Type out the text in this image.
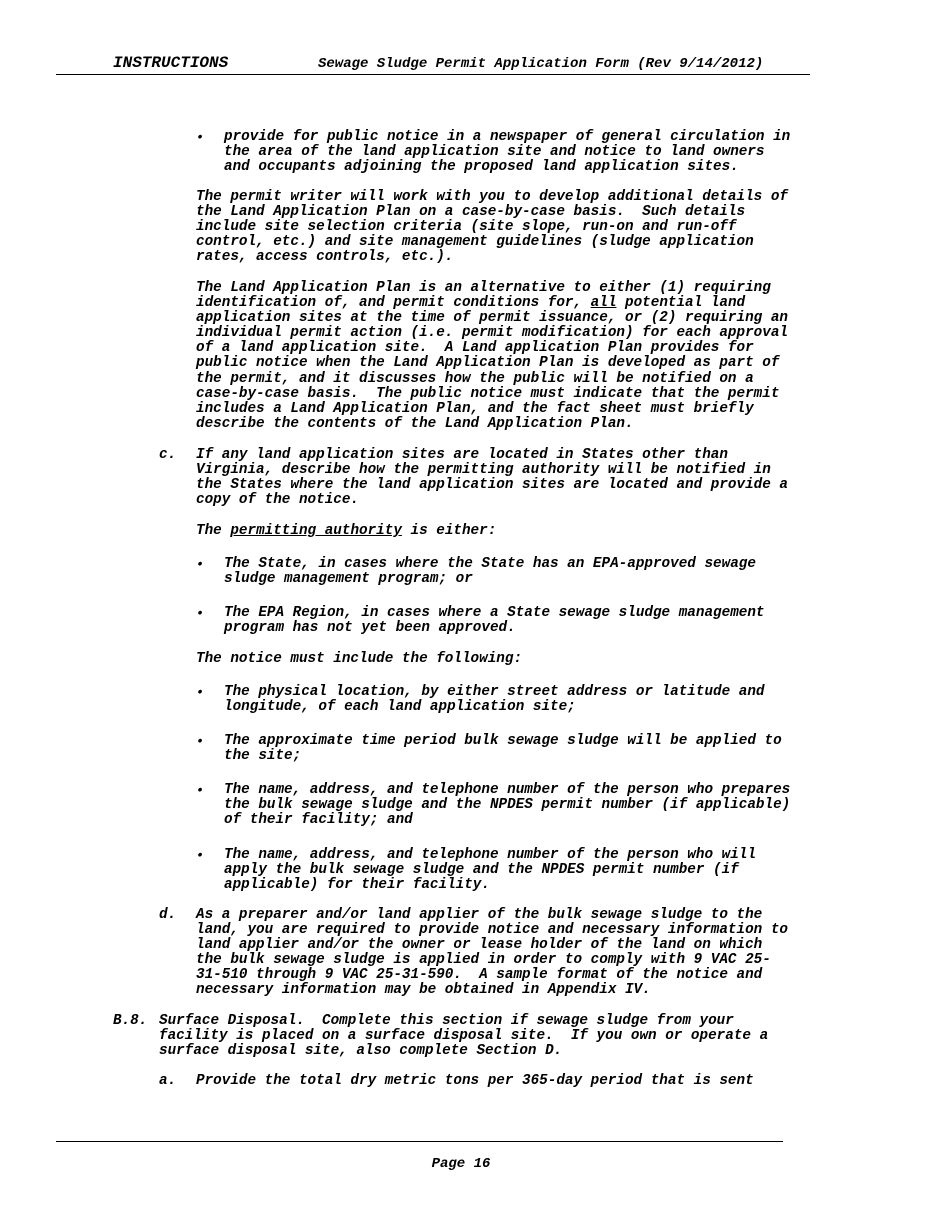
INSTRUCTIONS	Sewage Sludge Permit Application Form (Rev 9/14/2012)
• provide for public notice in a newspaper of general circulation in
the area of the land application site and notice to land owners
and occupants adjoining the proposed land application sites.
The permit writer will work with you to develop additional details of
the Land Application Plan on a case-by-case basis.  Such details
include site selection criteria (site slope, run-on and run-off
control, etc.) and site management guidelines (sludge application
rates, access controls, etc.).
The Land Application Plan is an alternative to either (1) requiring
identification of, and permit conditions for, all potential land
application sites at the time of permit issuance, or (2) requiring an
individual permit action (i.e. permit modification) for each approval
of a land application site.  A Land application Plan provides for
public notice when the Land Application Plan is developed as part of
the permit, and it discusses how the public will be notified on a
case-by-case basis.  The public notice must indicate that the permit
includes a Land Application Plan, and the fact sheet must briefly
describe the contents of the Land Application Plan.
c. If any land application sites are located in States other than
Virginia, describe how the permitting authority will be notified in
the States where the land application sites are located and provide a
copy of the notice.
The permitting authority is either:
• The State, in cases where the State has an EPA-approved sewage
sludge management program; or
• The EPA Region, in cases where a State sewage sludge management
program has not yet been approved.
The notice must include the following:
• The physical location, by either street address or latitude and
longitude, of each land application site;
• The approximate time period bulk sewage sludge will be applied to
the site;
• The name, address, and telephone number of the person who prepares
the bulk sewage sludge and the NPDES permit number (if applicable)
of their facility; and
• The name, address, and telephone number of the person who will
apply the bulk sewage sludge and the NPDES permit number (if
applicable) for their facility.
d. As a preparer and/or land applier of the bulk sewage sludge to the
land, you are required to provide notice and necessary information to
land applier and/or the owner or lease holder of the land on which
the bulk sewage sludge is applied in order to comply with 9 VAC 25-
31-510 through 9 VAC 25-31-590.  A sample format of the notice and
necessary information may be obtained in Appendix IV.
B.8. Surface Disposal.  Complete this section if sewage sludge from your
facility is placed on a surface disposal site.  If you own or operate a
surface disposal site, also complete Section D.
a. Provide the total dry metric tons per 365-day period that is sent
Page 16
